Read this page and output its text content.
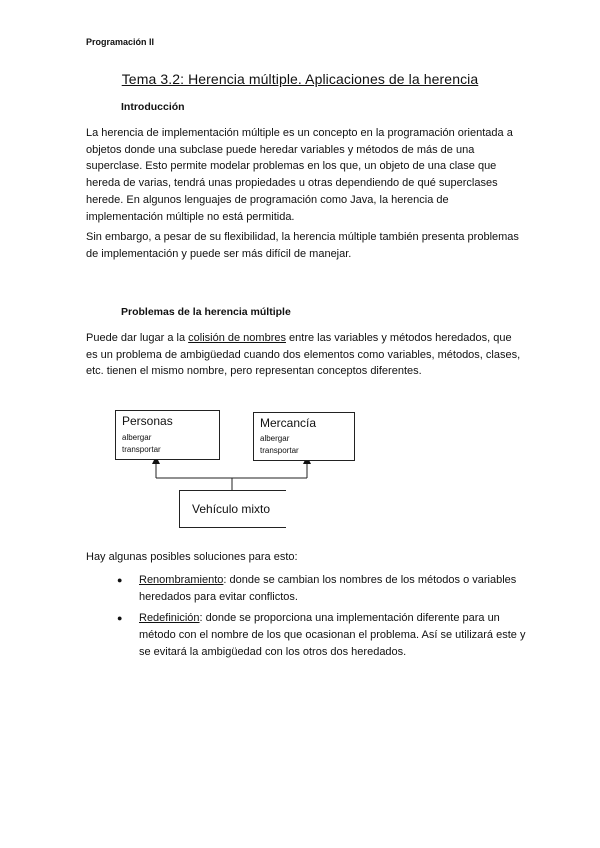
Programación II
Tema 3.2: Herencia múltiple. Aplicaciones de la herencia
Introducción

La herencia de implementación múltiple es un concepto en la programación orientada a objetos donde una subclase puede heredar variables y métodos de más de una superclase. Esto permite modelar problemas en los que, un objeto de una clase que hereda de varias, tendrá unas propiedades u otras dependiendo de qué superclases herede. En algunos lenguajes de programación como Java, la herencia de implementación múltiple no está permitida.

Sin embargo, a pesar de su flexibilidad, la herencia múltiple también presenta problemas de implementación y puede ser más difícil de manejar.

Problemas de la herencia múltiple
Puede dar lugar a la colisión de nombres entre las variables y métodos heredados, que es un problema de ambigüedad cuando dos elementos como variables, métodos, clases, etc. tienen el mismo nombre, pero representan conceptos diferentes.
Personas
albergar
transportar
Mercancía
albergar
transportar
Vehículo mixto
Hay algunas posibles soluciones para esto:
● Renombramiento: donde se cambian los nombres de los métodos o variables heredados para evitar conflictos.
● Redefinición: donde se proporciona una implementación diferente para un método con el nombre de los que ocasionan el problema. Así se utilizará este y se evitará la ambigüedad con los otros dos heredados.
